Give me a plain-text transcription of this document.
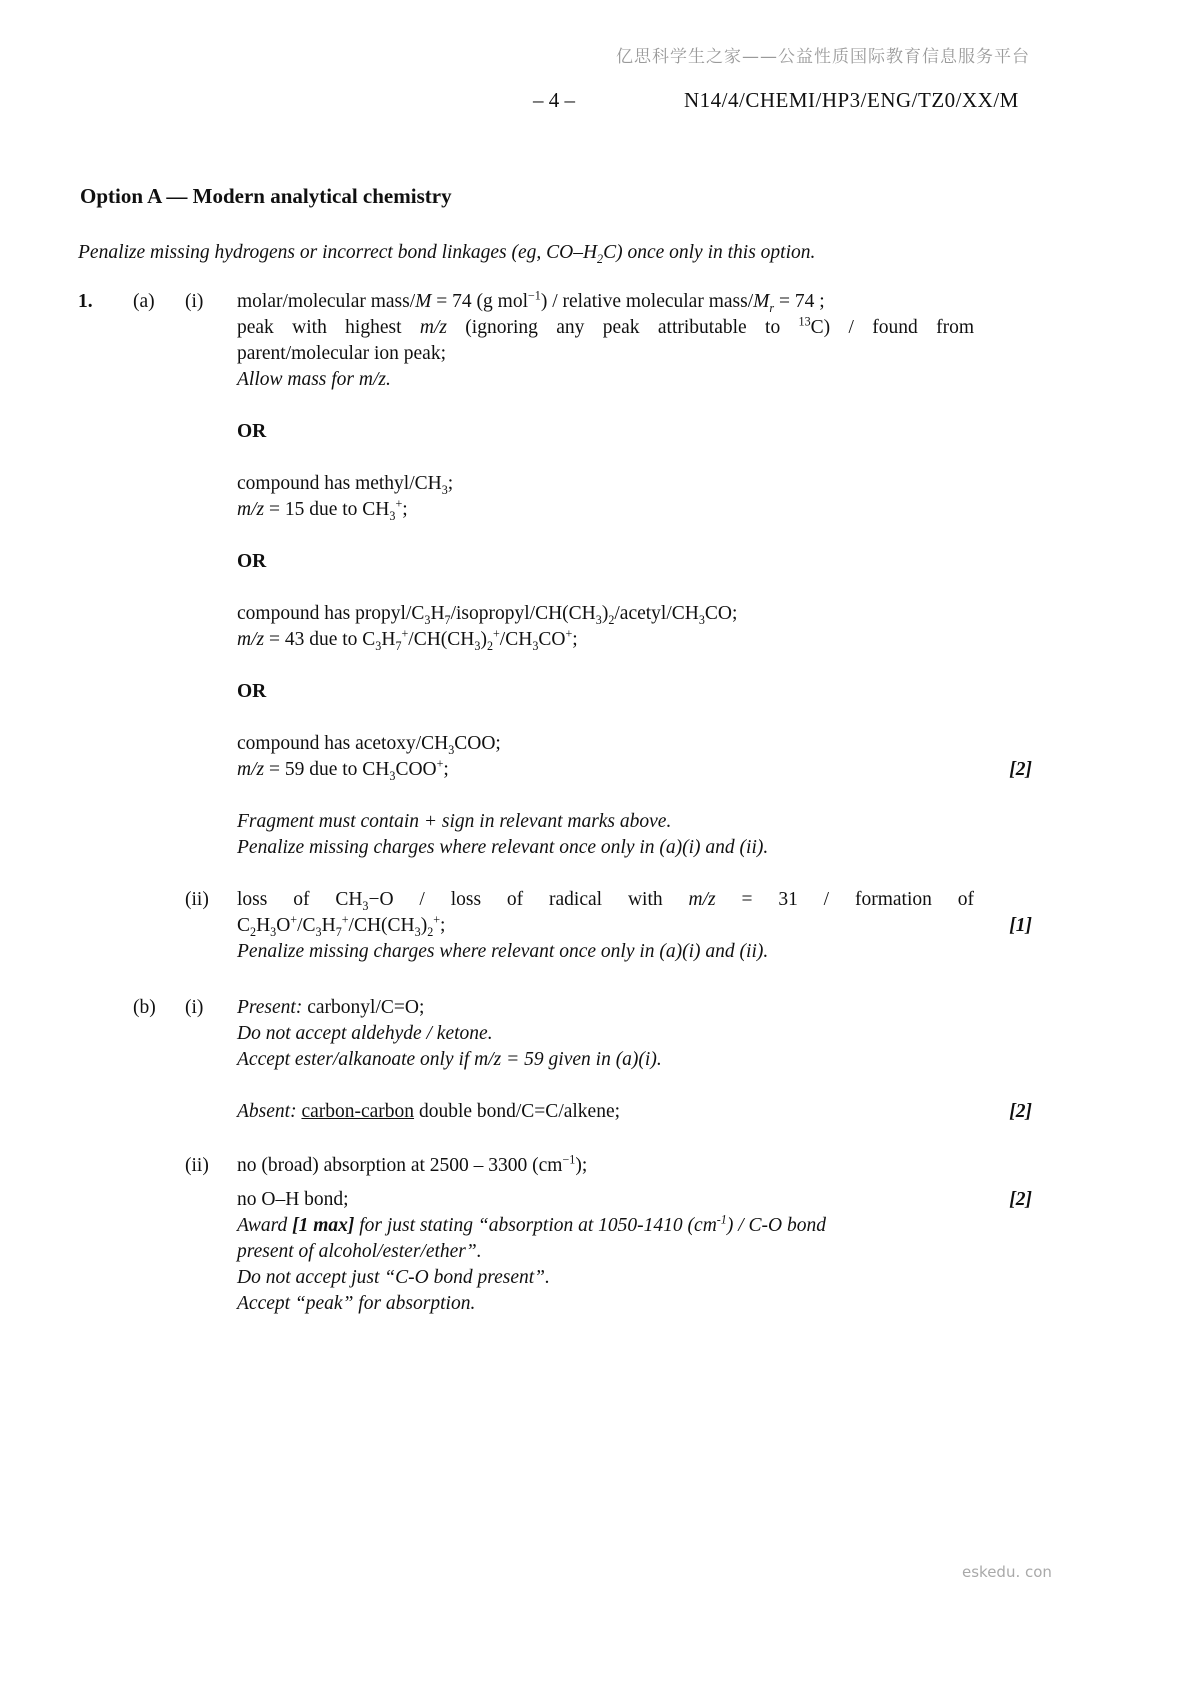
亿思科学生之家——公益性质国际教育信息服务平台
– 4 –	N14/4/CHEMI/HP3/ENG/TZ0/XX/M
Option A — Modern analytical chemistry
Penalize missing hydrogens or incorrect bond linkages (eg, $CO-H_2C$) once only in this option.
1.	(a)	(i)	molar/molecular mass/M = 74 (g mol$^{-1}$) / relative molecular mass/$M_r = 74$ ;
peak with highest m/z (ignoring any peak attributable to $^{13}$C) / found from
parent/molecular ion peak;
Allow mass for m/z.
OR
compound has methyl/$CH_3$;
m/z = 15 due to $CH_3^+$;
OR
compound has propyl/$C_3H_7/isopropyl/CH(CH_3)_2/acetyl/CH_3CO$;
m/z = 43 due to $C_3H_7^+/CH(CH_3)_2^+/CH_3CO^+$;
OR
compound has acetoxy/$CH_3COO$;
m/z = 59 due to $CH_3COO^+$;	[2]
Fragment must contain + sign in relevant marks above.
Penalize missing charges where relevant once only in (a)(i) and (ii).
(ii)	loss of $CH_3-O$ / loss of radical with m/z = 31 / formation of
$C_2H_3O^+/C_3H_7^+/CH(CH_3)_2^+$;	[1]
Penalize missing charges where relevant once only in (a)(i) and (ii).
(b)	(i)	Present: carbonyl/C=O;
Do not accept aldehyde / ketone.
Accept ester/alkanoate only if m/z = 59 given in (a)(i).
Absent: carbon-carbon double bond/C=C/alkene;	[2]
(ii)	no (broad) absorption at 2500 – 3300 $(cm^{-1})$;
no O–H bond;	[2]
Award [1 max] for just stating “absorption at 1050-1410 $(cm^{-1}) / C-O$ bond
present of alcohol/ester/ether”.
Do not accept just “C-O bond present”.
Accept “peak” for absorption.
eskedu. con
